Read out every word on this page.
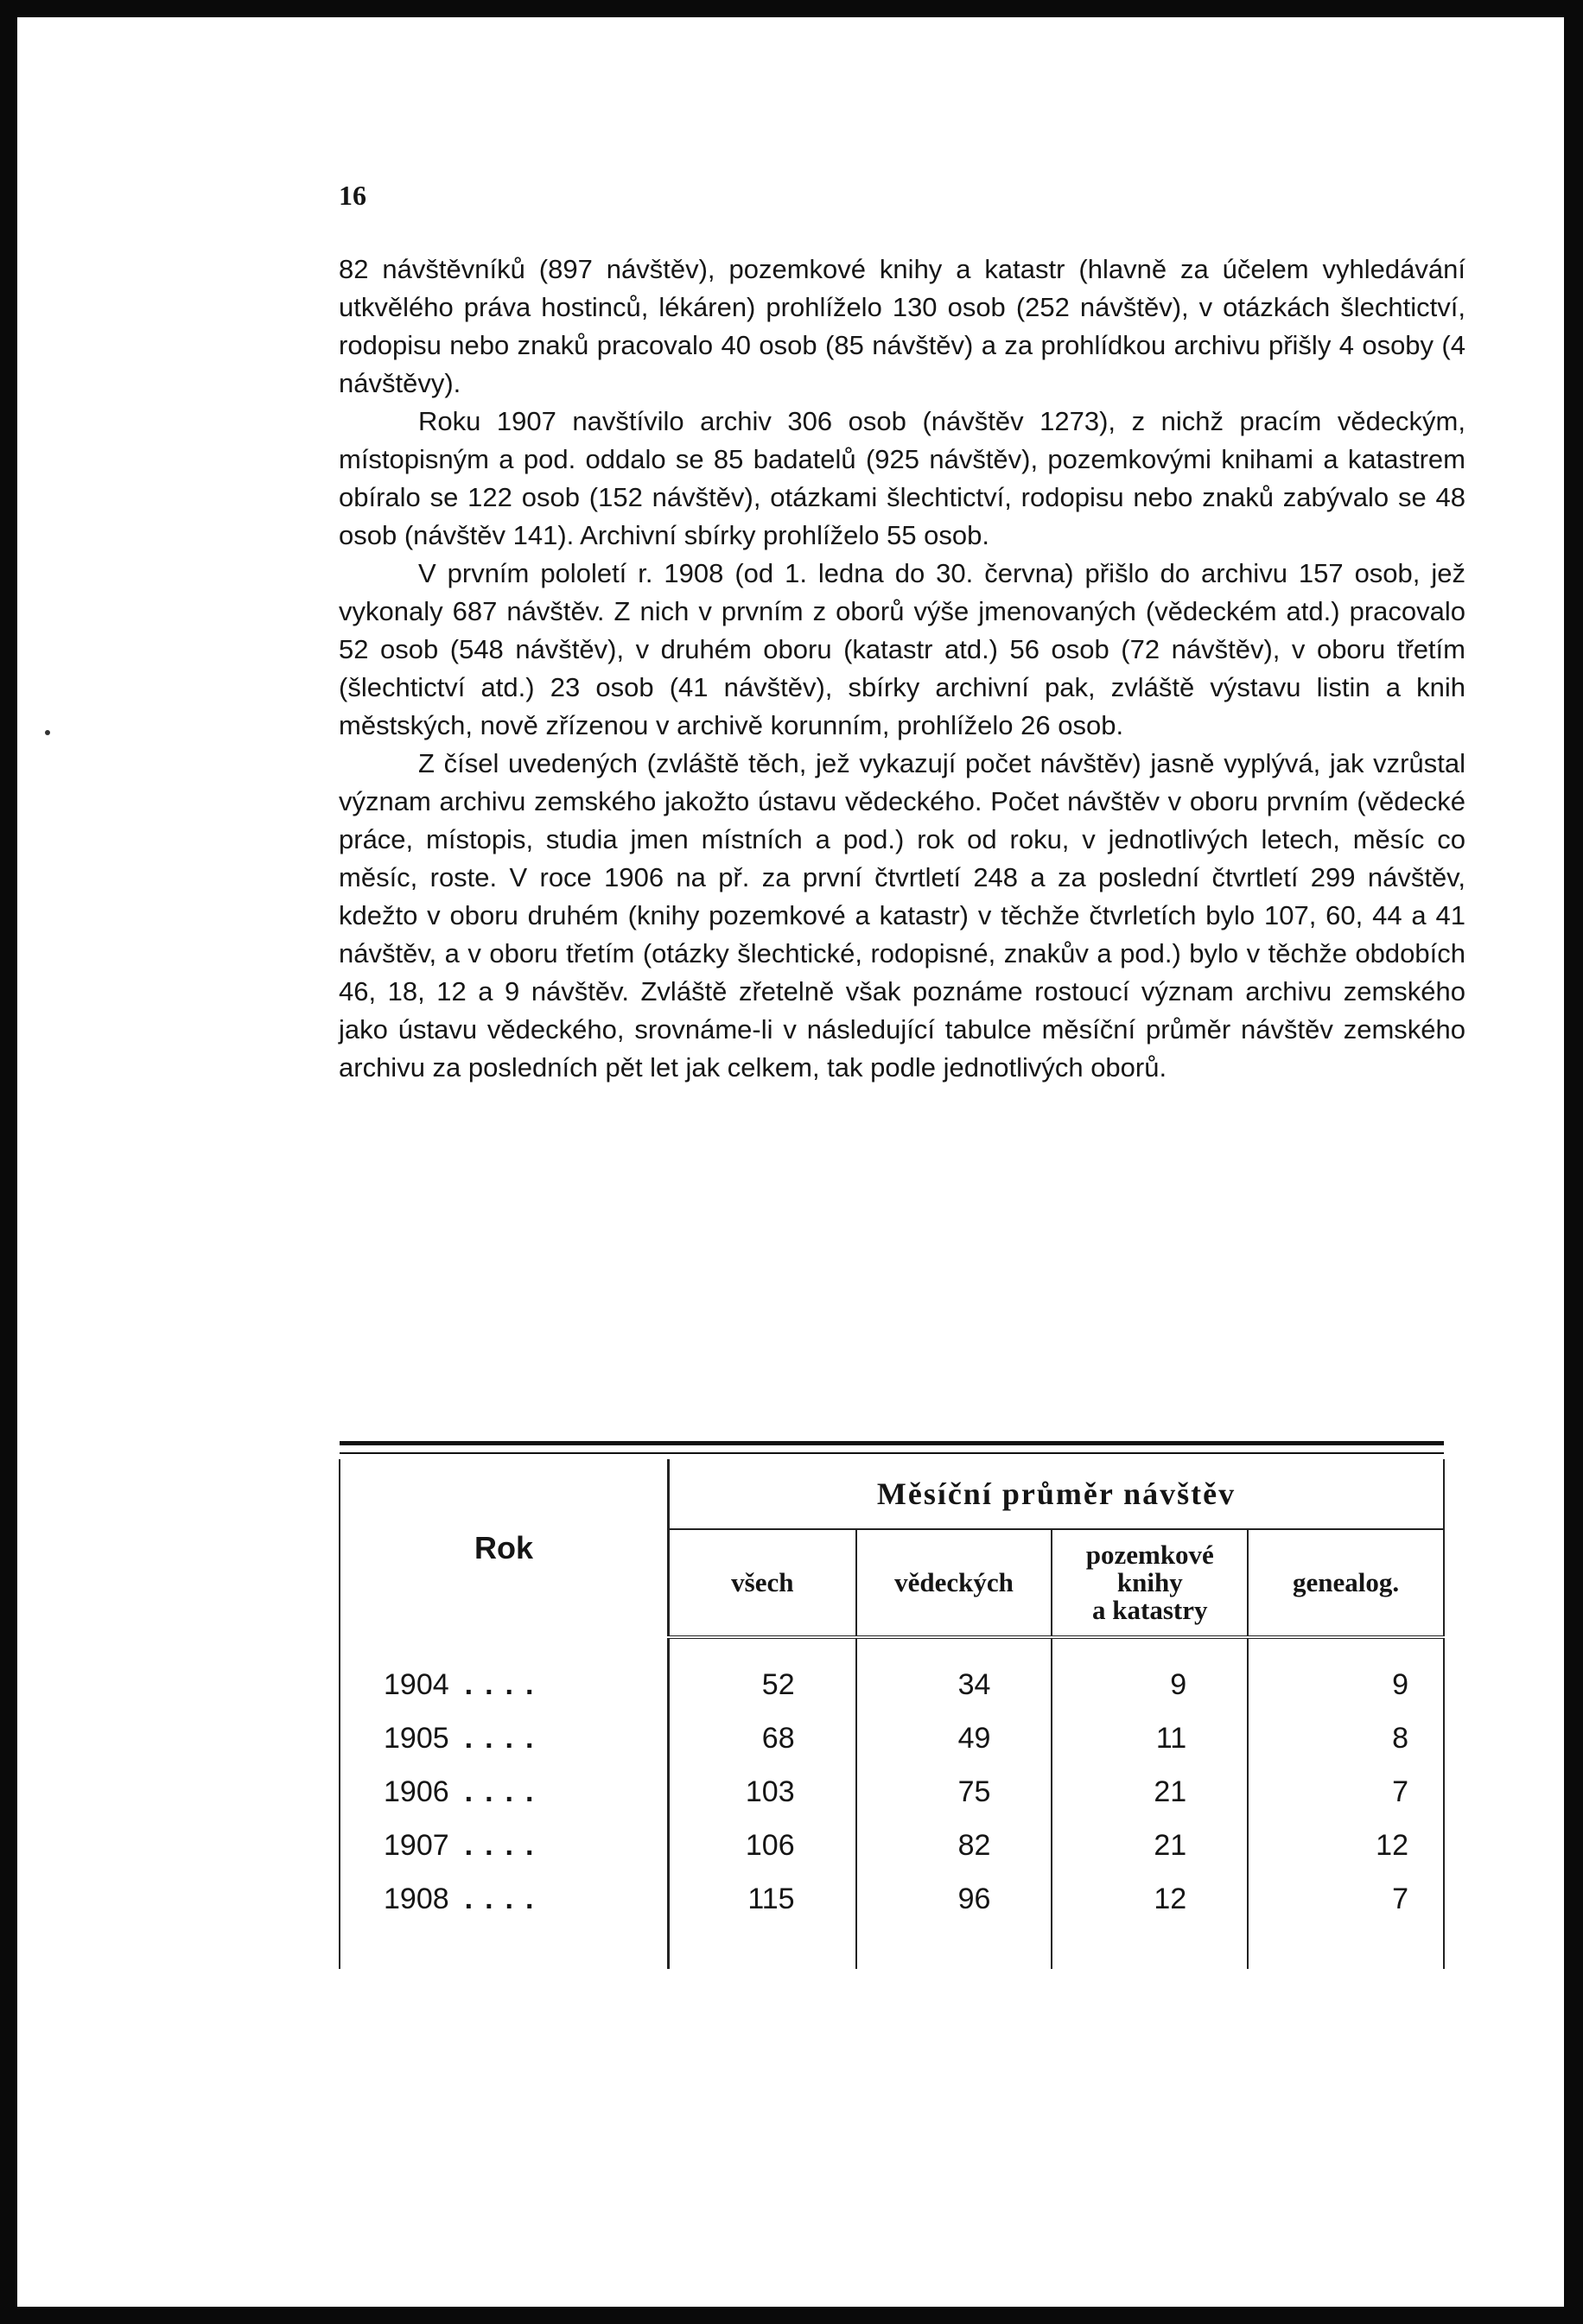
16

82 návštěvníků (897 návštěv), pozemkové knihy a katastr (hlavně za účelem vyhledávání utkvělého práva hostinců, lékáren) prohlíželo 130 osob (252 návštěv), v otázkách šlechtictví, rodopisu nebo znaků pracovalo 40 osob (85 návštěv) a za prohlídkou archivu přišly 4 osoby (4 návštěvy).

Roku 1907 navštívilo archiv 306 osob (návštěv 1273), z nichž pracím vědeckým, místopisným a pod. oddalo se 85 badatelů (925 návštěv), pozemkovými knihami a katastrem obíralo se 122 osob (152 návštěv), otázkami šlechtictví, rodopisu nebo znaků zabývalo se 48 osob (návštěv 141). Archivní sbírky prohlíželo 55 osob.

V prvním pololetí r. 1908 (od 1. ledna do 30. června) přišlo do archivu 157 osob, jež vykonaly 687 návštěv. Z nich v prvním z oborů výše jmenovaných (vědeckém atd.) pracovalo 52 osob (548 návštěv), v druhém oboru (katastr atd.) 56 osob (72 návštěv), v oboru třetím (šlechtictví atd.) 23 osob (41 návštěv), sbírky archivní pak, zvláště výstavu listin a knih městských, nově zřízenou v archivě korunním, prohlíželo 26 osob.

Z čísel uvedených (zvláště těch, jež vykazují počet návštěv) jasně vyplývá, jak vzrůstal význam archivu zemského jakožto ústavu vědeckého. Počet návštěv v oboru prvním (vědecké práce, místopis, studia jmen místních a pod.) rok od roku, v jednotlivých letech, měsíc co měsíc, roste. V roce 1906 na př. za první čtvrtletí 248 a za poslední čtvrtletí 299 návštěv, kdežto v oboru druhém (knihy pozemkové a katastr) v těchže čtvrletích bylo 107, 60, 44 a 41 návštěv, a v oboru třetím (otázky šlechtické, rodopisné, znakův a pod.) bylo v těchže obdobích 46, 18, 12 a 9 návštěv. Zvláště zřetelně však poznáme rostoucí význam archivu zemského jako ústavu vědeckého, srovnáme-li v následující tabulce měsíční průměr návštěv zemského archivu za posledních pět let jak celkem, tak podle jednotlivých oborů.

Rok	Měsíční průměr návštěv			
	všech	vědeckých	pozemkové
knihy
a katastry	genealog.

1904 ....	52	34	9	9
1905 ....	68	49	11	8
1906 ....	103	75	21	7
1907 ....	106	82	21	12
1908 ....	115	96	12	7
